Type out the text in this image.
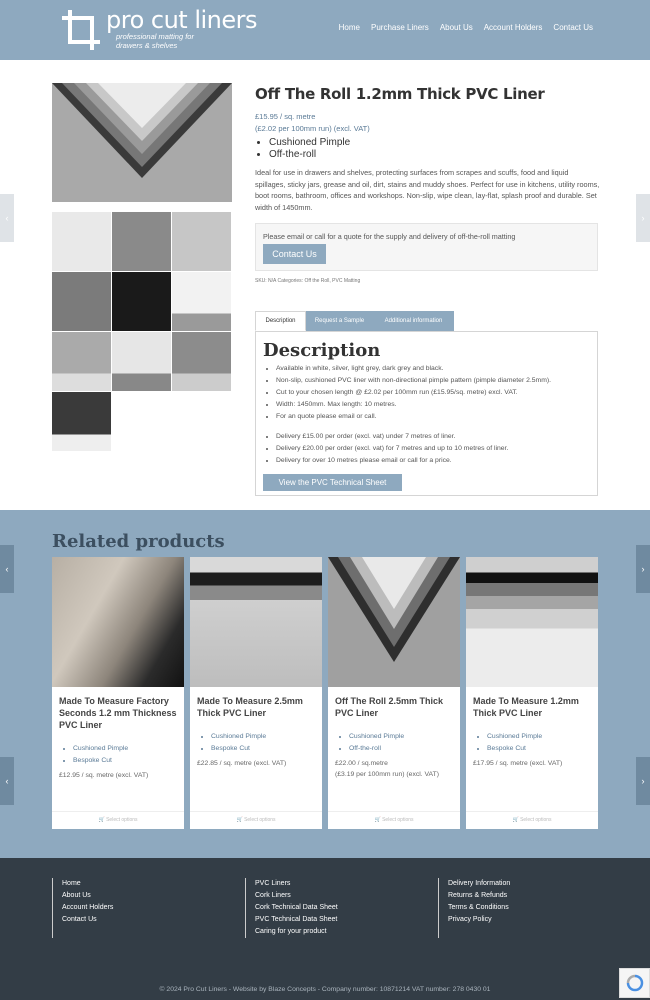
pro cut liners
professional matting for
drawers & shelves
Home Purchase Liners About Us Account Holders Contact Us
‹	›
Off The Roll 1.2mm Thick PVC Liner
£15.95 / sq. metre
(£2.02 per 100mm run) (excl. VAT)
• Cushioned Pimple
• Off-the-roll

Ideal for use in drawers and shelves, protecting surfaces from scrapes and scuffs, food and liquid spillages, sticky jars, grease and oil, dirt, stains and muddy shoes. Perfect for use in kitchens, utility rooms, boot rooms, bathroom, offices and workshops. Non-slip, wipe clean, lay-flat, splash proof and durable. Set width of 1450mm.

Please email or call for a quote for the supply and delivery of off-the-roll matting
Contact Us
SKU: N/A Categories: Off the Roll, PVC Matting
Description	Request a Sample	Additional information
Description
• Available in white, silver, light grey, dark grey and black.
• Non-slip, cushioned PVC liner with non-directional pimple pattern (pimple diameter 2.5mm).
• Cut to your chosen length @ £2.02 per 100mm run (£15.95/sq. metre) excl. VAT.
• Width: 1450mm. Max length: 10 metres.
• For an quote please email or call.
• Delivery £15.00 per order (excl. vat) under 7 metres of liner.
• Delivery £20.00 per order (excl. vat) for 7 metres and up to 10 metres of liner.
• Delivery for over 10 metres please email or call for a price.
View the PVC Technical Sheet
Related products
Made To Measure Factory Seconds 1.2 mm Thickness PVC Liner
• Cushioned Pimple
• Bespoke Cut
£12.95 / sq. metre (excl. VAT)
🛒 Select options
Made To Measure 2.5mm Thick PVC Liner
• Cushioned Pimple
• Bespoke Cut
£22.85 / sq. metre (excl. VAT)
🛒 Select options
Off The Roll 2.5mm Thick PVC Liner
• Cushioned Pimple
• Off-the-roll
£22.00 / sq.metre
(£3.19 per 100mm run) (excl. VAT)
🛒 Select options
Made To Measure 1.2mm Thick PVC Liner
• Cushioned Pimple
• Bespoke Cut
£17.95 / sq. metre (excl. VAT)
🛒 Select options
‹	›
‹	›
Home
About Us
Account Holders
Contact Us
PVC Liners
Cork Liners
Cork Technical Data Sheet
PVC Technical Data Sheet
Caring for your product
Delivery Information
Returns & Refunds
Terms & Conditions
Privacy Policy
© 2024 Pro Cut Liners - Website by Blaze Concepts - Company number: 10871214 VAT number: 278 0430 01
